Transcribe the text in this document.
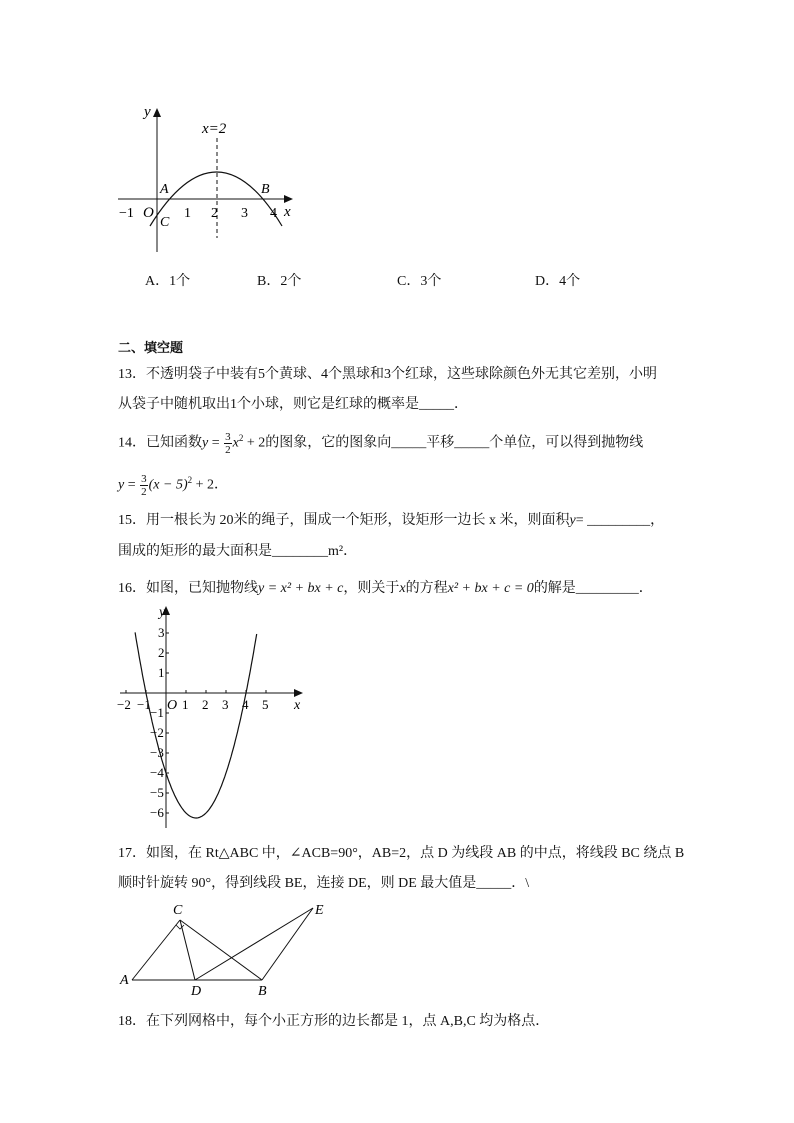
y
x
x=2
A	B
C
O
−1	1 2 3 4
A．1个	B．2个	C．3个	D．4个
二、填空题
13．不透明袋子中装有5个黄球、4个黑球和3个红球，这些球除颜色外无其它差别，小明
从袋子中随机取出1个小球，则它是红球的概率是_____．
14．已知函数$y = \frac{3}{2} x^2 + 2$的图象，它的图象向_____平移_____个单位，可以得到抛物线
$y = \frac{3}{2} (x - 5)^2 + 2$．
15．用一根长为 20米的绳子，围成一个矩形，设矩形一边长 x 米，则面积y= _________，
围成的矩形的最大面积是________m²．
16．如图，已知抛物线y = x² + bx + c，则关于x的方程x² + bx + c = 0的解是_________．
y
x
O
−2 −1 1 2 3 4 5
3
2
1
−1
−2
−3
−4
−5
−6
17．如图，在 Rt△ABC 中，∠ACB=90°，AB=2，点 D 为线段 AB 的中点，将线段 BC 绕点 B
顺时针旋转 90°，得到线段 BE，连接 DE，则 DE 最大值是_____．\
A
B
C
D
E
18．在下列网格中，每个小正方形的边长都是 1，点 A,B,C 均为格点．
